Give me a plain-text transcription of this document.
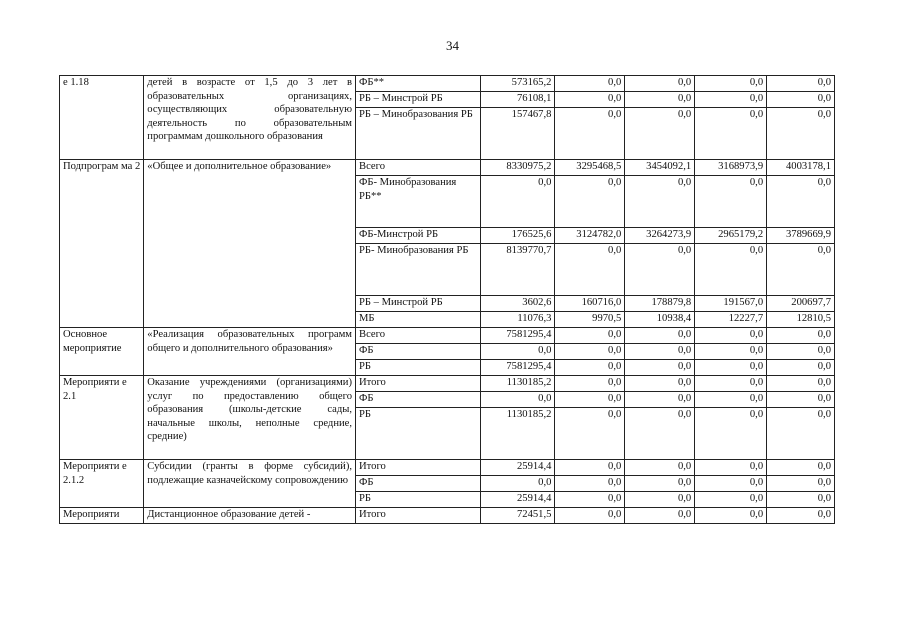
34
е 1.18	детей в возрасте от 1,5 до 3 лет в образовательных организациях, осуществляющих образовательную деятельность по образовательным программам дошкольного образования	ФБ**	573165,2	0,0	0,0	0,0	0,0
		РБ – Минстрой РБ	76108,1	0,0	0,0	0,0	0,0
		РБ – Минобразования РБ	157467,8	0,0	0,0	0,0	0,0
Подпрограм ма 2	«Общее и дополнительное образование»	Всего	8330975,2	3295468,5	3454092,1	3168973,9	4003178,1
		ФБ- Минобразования РБ**	0,0	0,0	0,0	0,0	0,0
		ФБ-Минстрой РБ	176525,6	3124782,0	3264273,9	2965179,2	3789669,9
		РБ- Минобразования РБ	8139770,7	0,0	0,0	0,0	0,0
		РБ – Минстрой РБ	3602,6	160716,0	178879,8	191567,0	200697,7
		МБ	11076,3	9970,5	10938,4	12227,7	12810,5
Основное мероприятие	«Реализация образовательных программ общего и дополнительного образования»	Всего	7581295,4	0,0	0,0	0,0	0,0
		ФБ	0,0	0,0	0,0	0,0	0,0
		РБ	7581295,4	0,0	0,0	0,0	0,0
Мероприяти е 2.1	Оказание учреждениями (организациями) услуг по предоставлению общего образования (школы-детские сады, начальные школы, неполные средние, средние)	Итого	1130185,2	0,0	0,0	0,0	0,0
		ФБ	0,0	0,0	0,0	0,0	0,0
		РБ	1130185,2	0,0	0,0	0,0	0,0
Мероприяти е 2.1.2	Субсидии (гранты в форме субсидий), подлежащие казначейскому сопровождению	Итого	25914,4	0,0	0,0	0,0	0,0
		ФБ	0,0	0,0	0,0	0,0	0,0
		РБ	25914,4	0,0	0,0	0,0	0,0
Мероприяти	Дистанционное образование детей -	Итого	72451,5	0,0	0,0	0,0	0,0
